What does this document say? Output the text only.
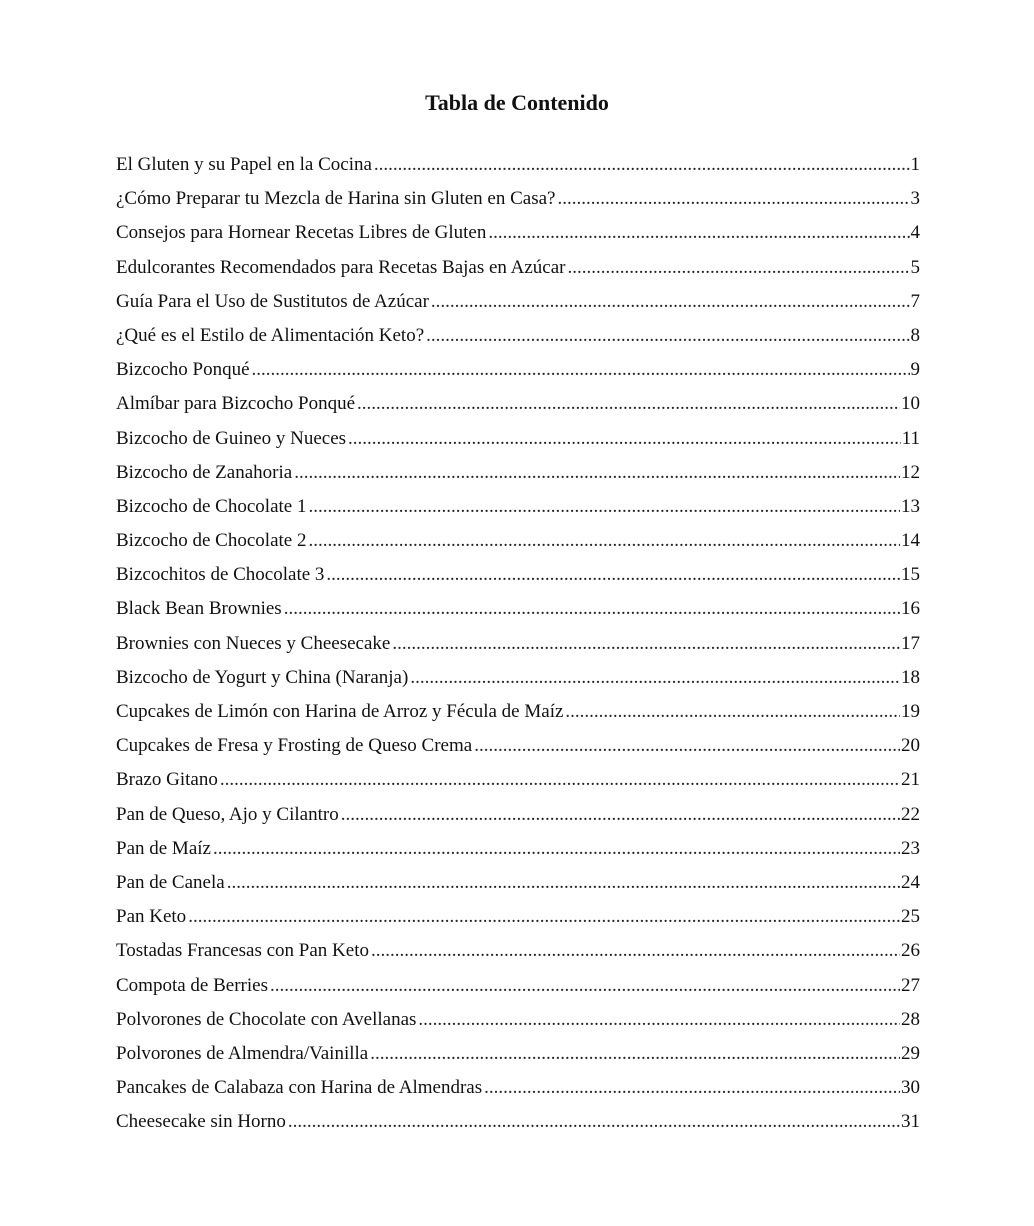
Tabla de Contenido
El Gluten y su Papel en la Cocina .....	1
¿Cómo Preparar tu Mezcla de Harina sin Gluten en Casa? .....	3
Consejos para Hornear Recetas Libres de Gluten .....	4
Edulcorantes Recomendados para Recetas Bajas en Azúcar .....	5
Guía Para el Uso de Sustitutos de Azúcar .....	7
¿Qué es el Estilo de Alimentación Keto? .....	8
Bizcocho Ponqué .....	9
Almíbar para Bizcocho Ponqué .....	10
Bizcocho de Guineo y Nueces .....	11
Bizcocho de Zanahoria .....	12
Bizcocho de Chocolate 1 .....	13
Bizcocho de Chocolate 2 .....	14
Bizcochitos de Chocolate 3 .....	15
Black Bean Brownies .....	16
Brownies con Nueces y Cheesecake .....	17
Bizcocho de Yogurt y China (Naranja) .....	18
Cupcakes de Limón con Harina de Arroz y Fécula de Maíz .....	19
Cupcakes de Fresa y Frosting de Queso Crema .....	20
Brazo Gitano .....	21
Pan de Queso, Ajo y Cilantro .....	22
Pan de Maíz .....	23
Pan de Canela .....	24
Pan Keto .....	25
Tostadas Francesas con Pan Keto .....	26
Compota de Berries .....	27
Polvorones de Chocolate con Avellanas .....	28
Polvorones de Almendra/Vainilla .....	29
Pancakes de Calabaza con Harina de Almendras .....	30
Cheesecake sin Horno .....	31
